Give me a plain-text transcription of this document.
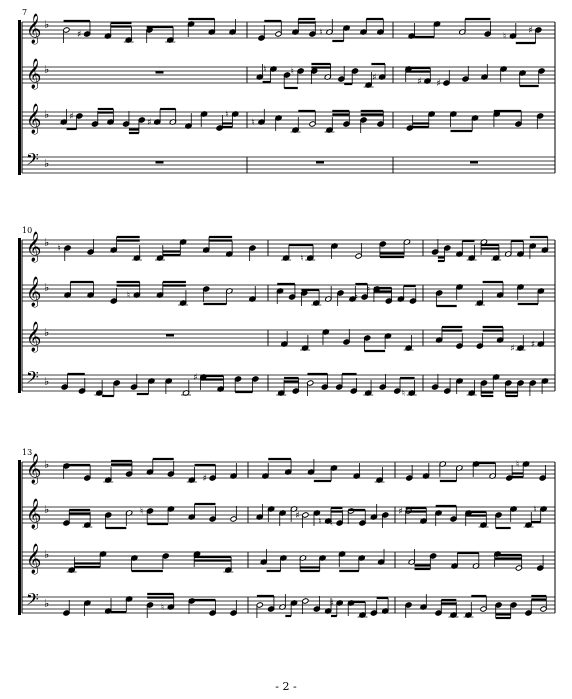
𝄞 ♭
♯	♮	♮
♯
𝄞 ♭	♮	♮
♯	♯ ♯
𝄞 ♭ ♯
♯
♮
♮
𝄢 ♭
𝄞 ♭ ♮
♮
𝄞 ♭
♮	♮
♮
𝄞 ♭
♯ ♯
𝄢 ♭	♯
♮
𝄞 ♭
♯
♮
𝄞 ♭	♮	♯
♮ ♮
♯	♮
𝄞 ♭
𝄢 ♭	♮	♯
7
10
13
- 2 -
